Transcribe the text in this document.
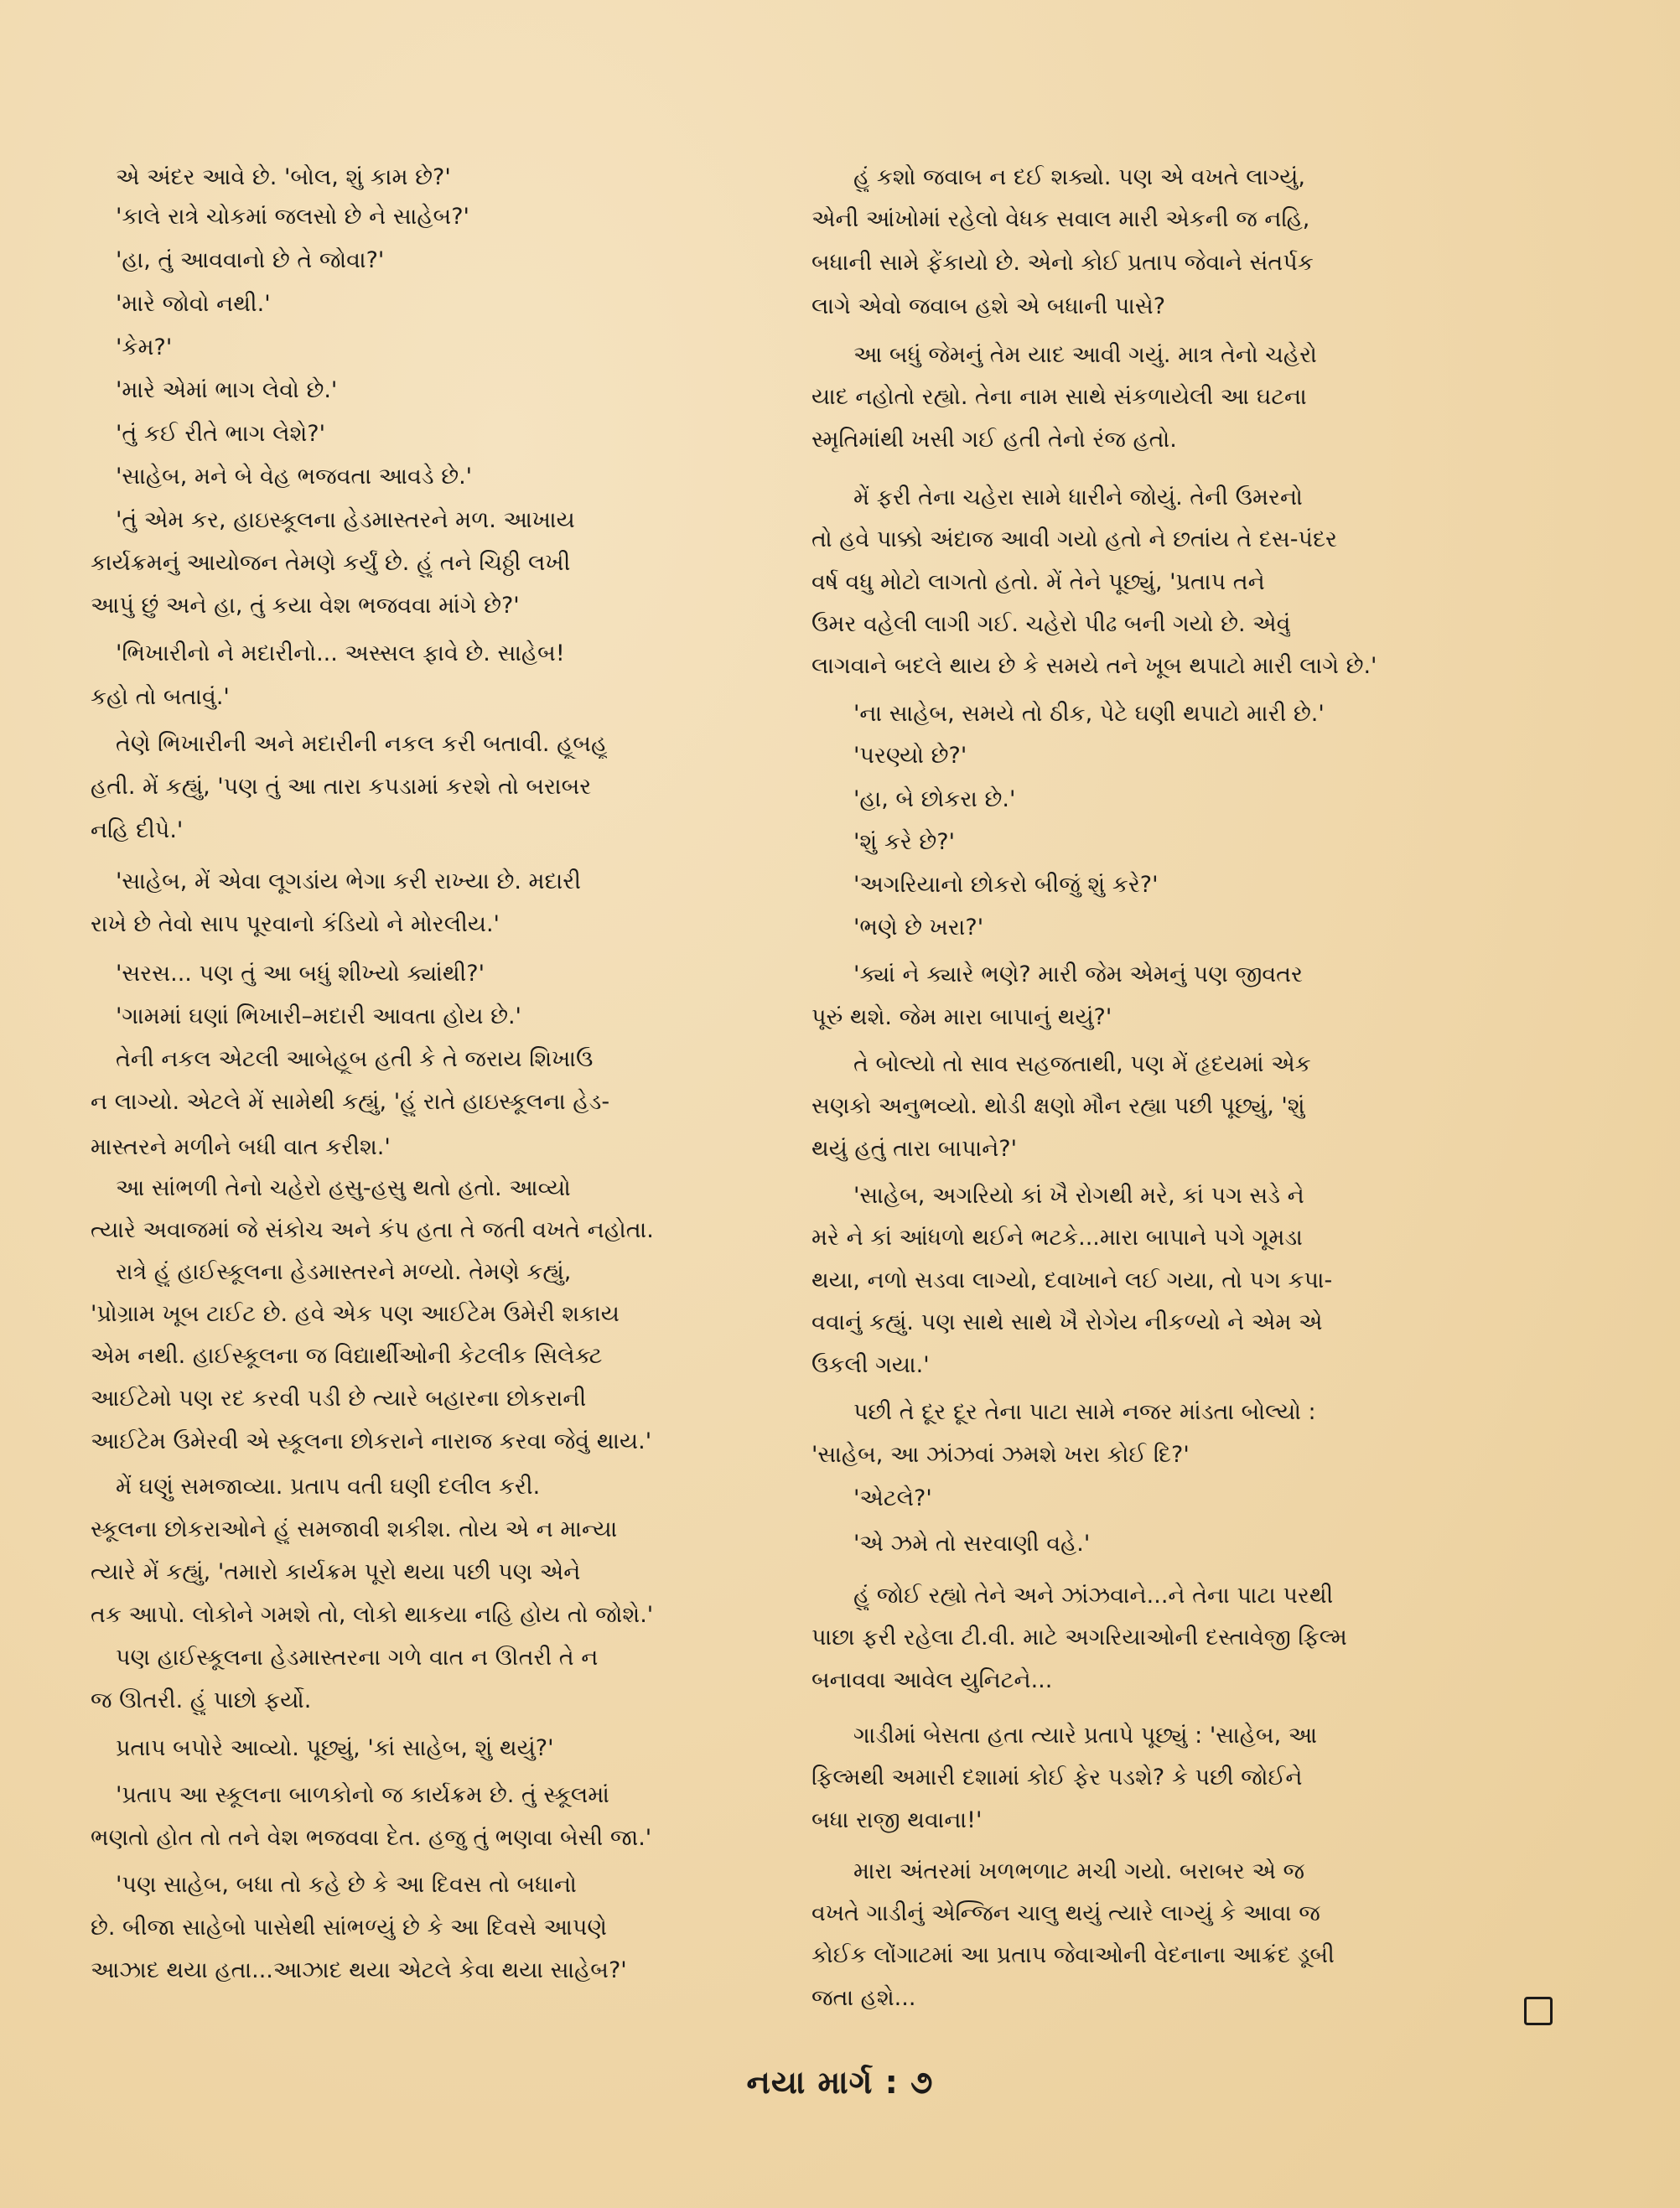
એ અંદર આવે છે. 'બોલ, શું કામ છે?'
'કાલે રાત્રે ચોકમાં જલસો છે ને સાહેબ?'
'હા, તું આવવાનો છે તે જોવા?'
'મારે જોવો નથી.'
'કેમ?'
'મારે એમાં ભાગ લેવો છે.'
'તું કઈ રીતે ભાગ લેશે?'
'સાહેબ, મને બે વેહ ભજવતા આવડે છે.'
'તું એમ કર, હાઇસ્કૂલના હેડમાસ્તરને મળ. આખાય
કાર્યક્રમનું આયોજન તેમણે કર્યું છે. હું તને ચિઠ્ઠી લખી
આપું છું અને હા, તું કયા વેશ ભજવવા માંગે છે?'
'ભિખારીનો ને મદારીનો... અસ્સલ ફાવે છે. સાહેબ!
કહો તો બતાવું.'
તેણે ભિખારીની અને મદારીની નકલ કરી બતાવી. હૂબહૂ
હતી. મેં કહ્યું, 'પણ તું આ તારા કપડામાં કરશે તો બરાબર
નહિ દીપે.'
'સાહેબ, મેં એવા લૂગડાંય ભેગા કરી રાખ્યા છે. મદારી
રાખે છે તેવો સાપ પૂરવાનો કંડિયો ને મોરલીય.'
'સરસ... પણ તું આ બધું શીખ્યો ક્યાંથી?'
'ગામમાં ઘણાં ભિખારી–મદારી આવતા હોય છે.'
તેની નકલ એટલી આબેહૂબ હતી કે તે જરાય શિખાઉ
ન લાગ્યો. એટલે મેં સામેથી કહ્યું, 'હું રાતે હાઇસ્કૂલના હેડ-
માસ્તરને મળીને બધી વાત કરીશ.'
આ સાંભળી તેનો ચહેરો હસુ-હસુ થતો હતો. આવ્યો
ત્યારે અવાજમાં જે સંકોચ અને કંપ હતા તે જતી વખતે નહોતા.
રાત્રે હું હાઈસ્કૂલના હેડમાસ્તરને મળ્યો. તેમણે કહ્યું,
'પ્રોગ્રામ ખૂબ ટાઈટ છે. હવે એક પણ આઈટેમ ઉમેરી શકાય
એમ નથી. હાઈસ્કૂલના જ વિદ્યાર્થીઓની કેટલીક સિલેક્ટ
આઈટેમો પણ રદ કરવી પડી છે ત્યારે બહારના છોકરાની
આઈટેમ ઉમેરવી એ સ્કૂલના છોકરાને નારાજ કરવા જેવું થાય.'
મેં ઘણું સમજાવ્યા. પ્રતાપ વતી ઘણી દલીલ કરી.
સ્કૂલના છોકરાઓને હું સમજાવી શકીશ. તોય એ ન માન્યા
ત્યારે મેં કહ્યું, 'તમારો કાર્યક્રમ પૂરો થયા પછી પણ એને
તક આપો. લોકોને ગમશે તો, લોકો થાકયા નહિ હોય તો જોશે.'
પણ હાઈસ્કૂલના હેડમાસ્તરના ગળે વાત ન ઊતરી તે ન
જ ઊતરી. હું પાછો ફર્યો.
પ્રતાપ બપોરે આવ્યો. પૂછ્યું, 'કાં સાહેબ, શું થયું?'
'પ્રતાપ આ સ્કૂલના બાળકોનો જ કાર્યક્રમ છે. તું સ્કૂલમાં
ભણતો હોત તો તને વેશ ભજવવા દેત. હજુ તું ભણવા બેસી જા.'
'પણ સાહેબ, બધા તો કહે છે કે આ દિવસ તો બધાનો
છે. બીજા સાહેબો પાસેથી સાંભળ્યું છે કે આ દિવસે આપણે
આઝાદ થયા હતા...આઝાદ થયા એટલે કેવા થયા સાહેબ?'
હું કશો જવાબ ન દઈ શક્યો. પણ એ વખતે લાગ્યું,
એની આંખોમાં રહેલો વેધક સવાલ મારી એકની જ નહિ,
બધાની સામે ફેંકાયો છે. એનો કોઈ પ્રતાપ જેવાને સંતર્પક
લાગે એવો જવાબ હશે એ બધાની પાસે?
આ બધું જેમનું તેમ યાદ આવી ગયું. માત્ર તેનો ચહેરો
યાદ નહોતો રહ્યો. તેના નામ સાથે સંકળાયેલી આ ઘટના
સ્મૃતિમાંથી ખસી ગઈ હતી તેનો રંજ હતો.
મેં ફરી તેના ચહેરા સામે ધારીને જોયું. તેની ઉંમરનો
તો હવે પાક્કો અંદાજ આવી ગયો હતો ને છતાંય તે દસ-પંદર
વર્ષ વધુ મોટો લાગતો હતો. મેં તેને પૂછ્યું, 'પ્રતાપ તને
ઉંમર વહેલી લાગી ગઈ. ચહેરો પીઢ બની ગયો છે. એવું
લાગવાને બદલે થાય છે કે સમયે તને ખૂબ થપાટો મારી લાગે છે.'
'ના સાહેબ, સમયે તો ઠીક, પેટે ઘણી થપાટો મારી છે.'
'પરણ્યો છે?'
'હા, બે છોકરા છે.'
'શું કરે છે?'
'અગરિયાનો છોકરો બીજું શું કરે?'
'ભણે છે ખરા?'
'ક્યાં ને ક્યારે ભણે? મારી જેમ એમનું પણ જીવતર
પૂરું થશે. જેમ મારા બાપાનું થયું?'
તે બોલ્યો તો સાવ સહજતાથી, પણ મેં હૃદયમાં એક
સણકો અનુભવ્યો. થોડી ક્ષણો મૌન રહ્યા પછી પૂછ્યું, 'શું
થયું હતું તારા બાપાને?'
'સાહેબ, અગરિયો કાં ખૈ રોગથી મરે, કાં પગ સડે ને
મરે ને કાં આંધળો થઈને ભટકે...મારા બાપાને પગે ગૂમડા
થયા, નળો સડવા લાગ્યો, દવાખાને લઈ ગયા, તો પગ કપા-
વવાનું કહ્યું. પણ સાથે સાથે ખૈ રોગેય નીકળ્યો ને એમ એ
ઉકલી ગયા.'
પછી તે દૂર દૂર તેના પાટા સામે નજર માંડતા બોલ્યો :
'સાહેબ, આ ઝાંઝવાં ઝમશે ખરા કોઈ દિ?'
'એટલે?'
'એ ઝમે તો સરવાણી વહે.'
હું જોઈ રહ્યો તેને અને ઝાંઝવાને...ને તેના પાટા પરથી
પાછા ફરી રહેલા ટી.વી. માટે અગરિયાઓની દસ્તાવેજી ફિલ્મ
બનાવવા આવેલ યુનિટને...
ગાડીમાં બેસતા હતા ત્યારે પ્રતાપે પૂછ્યું : 'સાહેબ, આ
ફિલ્મથી અમારી દશામાં કોઈ ફેર પડશે? કે પછી જોઈને
બધા રાજી થવાના!'
મારા અંતરમાં ખળભળાટ મચી ગયો. બરાબર એ જ
વખતે ગાડીનું એન્જિન ચાલુ થયું ત્યારે લાગ્યું કે આવા જ
કોઈક લોંગાટમાં આ પ્રતાપ જેવાઓની વેદનાના આક્રંદ ડૂબી
જતા હશે...
નયા માર્ગ : ૭
